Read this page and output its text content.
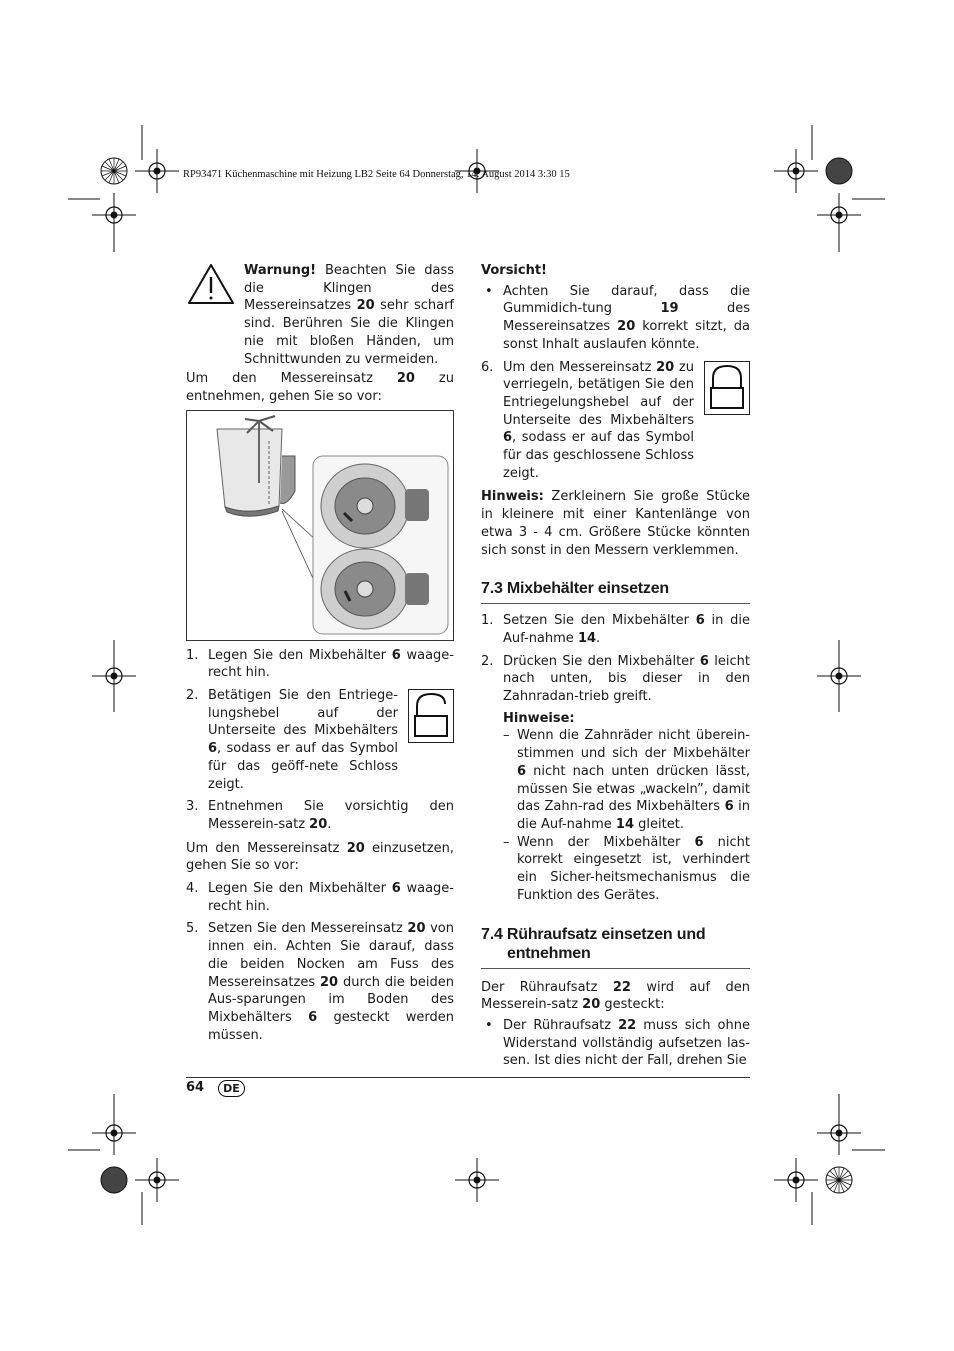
RP93471 Küchenmaschine mit Heizung LB2 Seite 64 Donnerstag, 14. August 2014 3:30 15
Warnung! Beachten Sie dass die Klingen des Messereinsatzes 20 sehr scharf sind. Berühren Sie die Klingen nie mit bloßen Händen, um Schnittwunden zu vermeiden.

Um den Messereinsatz 20 zu entnehmen, gehen Sie so vor:

1. Legen Sie den Mixbehälter 6 waage-recht hin.
2. Betätigen Sie den Entriege-lungshebel auf der Unterseite des Mixbehälters 6, sodass er auf das Symbol für das geöff-nete Schloss zeigt.
3. Entnehmen Sie vorsichtig den Messerein-satz 20.

Um den Messereinsatz 20 einzusetzen, gehen Sie so vor:

4. Legen Sie den Mixbehälter 6 waage-recht hin.
5. Setzen Sie den Messereinsatz 20 von innen ein. Achten Sie darauf, dass die beiden Nocken am Fuss des Messereinsatzes 20 durch die beiden Aus-sparungen im Boden des Mixbehälters 6 gesteckt werden müssen.

Vorsicht!

• Achten Sie darauf, dass die Gummidich-tung 19 des Messereinsatzes 20 korrekt sitzt, da sonst Inhalt auslaufen könnte.
6. Um den Messereinsatz 20 zu verriegeln, betätigen Sie den Entriegelungshebel auf der Unterseite des Mixbehälters 6, sodass er auf das Symbol für das geschlossene Schloss zeigt.

Hinweis: Zerkleinern Sie große Stücke in kleinere mit einer Kantenlänge von etwa 3 - 4 cm. Größere Stücke könnten sich sonst in den Messern verklemmen.

7.3 Mixbehälter einsetzen
1. Setzen Sie den Mixbehälter 6 in die Auf-nahme 14.
2. Drücken Sie den Mixbehälter 6 leicht nach unten, bis dieser in den Zahnradan-trieb greift.
Hinweise:
– Wenn die Zahnräder nicht überein-stimmen und sich der Mixbehälter 6 nicht nach unten drücken lässt, müssen Sie etwas „wackeln”, damit das Zahn-rad des Mixbehälters 6 in die Auf-nahme 14 gleitet.
– Wenn der Mixbehälter 6 nicht korrekt eingesetzt ist, verhindert ein Sicher-heitsmechanismus die Funktion des Gerätes.
7.4 Rühraufsatz einsetzen und entnehmen

Der Rühraufsatz 22 wird auf den Messerein-satz 20 gesteckt:

• Der Rühraufsatz 22 muss sich ohne Widerstand vollständig aufsetzen las-sen. Ist dies nicht der Fall, drehen Sie
64	DE
